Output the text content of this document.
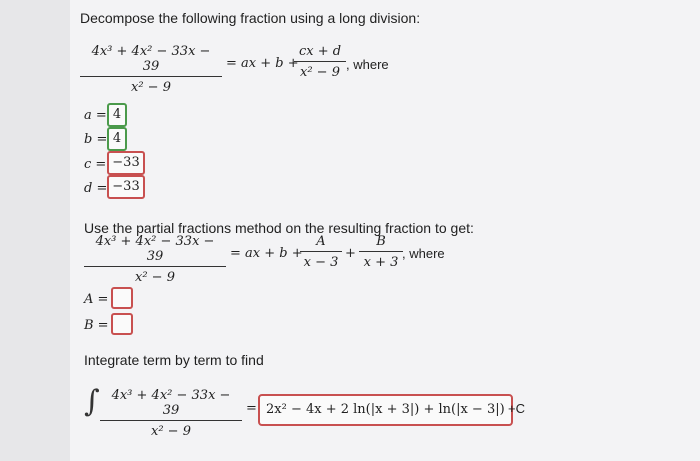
Decompose the following fraction using a long division:
4x³ + 4x² − 33x − 39
x² − 9
= ax + b +
cx + d
x² − 9
, where
a = 4
b = 4
c = −33
d = −33
Use the partial fractions method on the resulting fraction to get:
4x³ + 4x² − 33x − 39
x² − 9
= ax + b +
A
x − 3
+
B
x + 3
, where
A =
B =
Integrate term by term to find
∫ 4x³ + 4x² − 33x − 39
x² − 9
= 2x² − 4x + 2 ln(|x + 3|) + ln(|x − 3|) +C
